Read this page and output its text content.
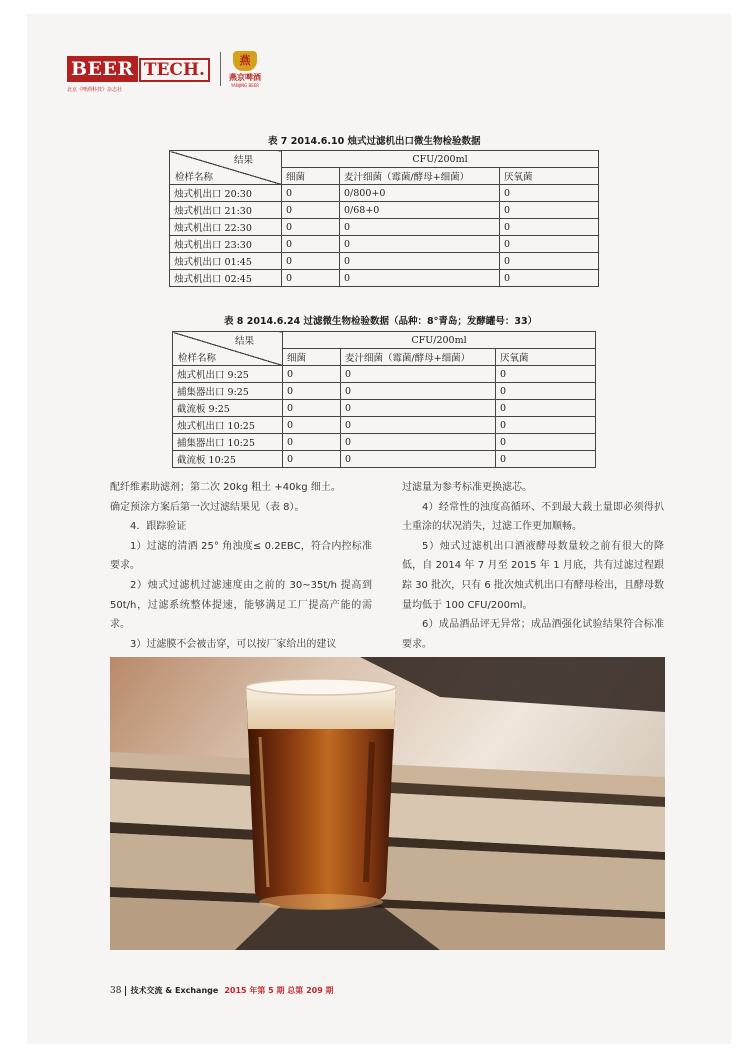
BEER TECH.
北京《啤酒科技》杂志社
燕
燕京啤酒
YANJING BEER
表 7 2014.6.10 烛式过滤机出口微生物检验数据
结果
检样名称	CFU/200ml		
	细菌	麦汁细菌（霉菌/酵母+细菌）	厌氧菌
烛式机出口 20:30	0	0/800+0	0
烛式机出口 21:30	0	0/68+0	0
烛式机出口 22:30	0	0	0
烛式机出口 23:30	0	0	0
烛式机出口 01:45	0	0	0
烛式机出口 02:45	0	0	0
表 8 2014.6.24 过滤微生物检验数据（品种：8°青岛；发酵罐号：33）
结果
检样名称	CFU/200ml		
	细菌	麦汁细菌（霉菌/酵母+细菌）	厌氧菌
烛式机出口 9:25	0	0	0
捕集器出口 9:25	0	0	0
截流板 9:25	0	0	0
烛式机出口 10:25	0	0	0
捕集器出口 10:25	0	0	0
截流板 10:25	0	0	0

配纤维素助滤剂；第二次 20kg 粗土 +40kg 细土。

确定预涂方案后第一次过滤结果见（表 8）。

4．跟踪验证

1）过滤的清酒 25° 角浊度≤ 0.2EBC，符合内控标准要求。

2）烛式过滤机过滤速度由之前的 30~35t/h 提高到 50t/h，过滤系统整体提速，能够满足工厂提高产能的需求。

3）过滤膜不会被击穿，可以按厂家给出的建议

过滤量为参考标准更换滤芯。

4）经常性的浊度高循环、不到最大载土量即必须得扒土重涂的状况消失，过滤工作更加顺畅。

5）烛式过滤机出口酒液酵母数量较之前有很大的降低，自 2014 年 7 月至 2015 年 1 月底，共有过滤过程跟踪 30 批次，只有 6 批次烛式机出口有酵母检出，且酵母数量均低于 100 CFU/200ml。

6）成品酒品评无异常；成品酒强化试验结果符合标准要求。

38	技术交流 & Exchange 2015 年第 5 期 总第 209 期
